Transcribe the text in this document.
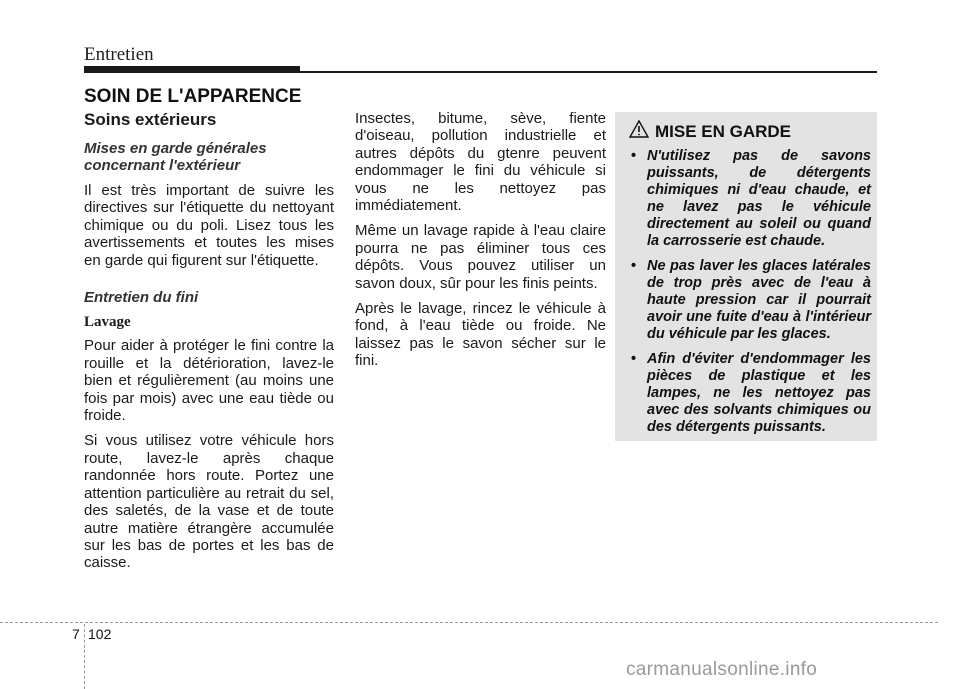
Entretien
SOIN DE L'APPARENCE
Soins extérieurs
Mises en garde générales concernant l'extérieur

Il est très important de suivre les directives sur l'étiquette du nettoyant chimique ou du poli. Lisez tous les avertissements et toutes les mises en garde qui figurent sur l'étiquette.

Entretien du fini
Lavage

Pour aider à protéger le fini contre la rouille et la détérioration, lavez-le bien et régulièrement (au moins une fois par mois) avec une eau tiède ou froide.

Si vous utilisez votre véhicule hors route, lavez-le après chaque randonnée hors route. Portez une attention particulière au retrait du sel, des saletés, de la vase et de toute autre matière étrangère accumulée sur les bas de portes et les bas de caisse.

Insectes, bitume, sève, fiente d'oiseau, pollution industrielle et autres dépôts du gtenre peuvent endommager le fini du véhicule si vous ne les nettoyez pas immédiatement.

Même un lavage rapide à l'eau claire pourra ne pas éliminer tous ces dépôts. Vous pouvez utiliser un savon doux, sûr pour les finis peints.

Après le lavage, rincez le véhicule à fond, à l'eau tiède ou froide. Ne laissez pas le savon sécher sur le fini.

MISE EN GARDE
• N'utilisez pas de savons puissants, de détergents chimiques ni d'eau chaude, et ne lavez pas le véhicule directement au soleil ou quand la carrosserie est chaude.
• Ne pas laver les glaces latérales de trop près avec de l'eau à haute pression car il pourrait avoir une fuite d'eau à l'intérieur du véhicule par les glaces.
• Afin d'éviter d'endommager les pièces de plastique et les lampes, ne les nettoyez pas avec des solvants chimiques ou des détergents puissants.
7 102
carmanualsonline.info
